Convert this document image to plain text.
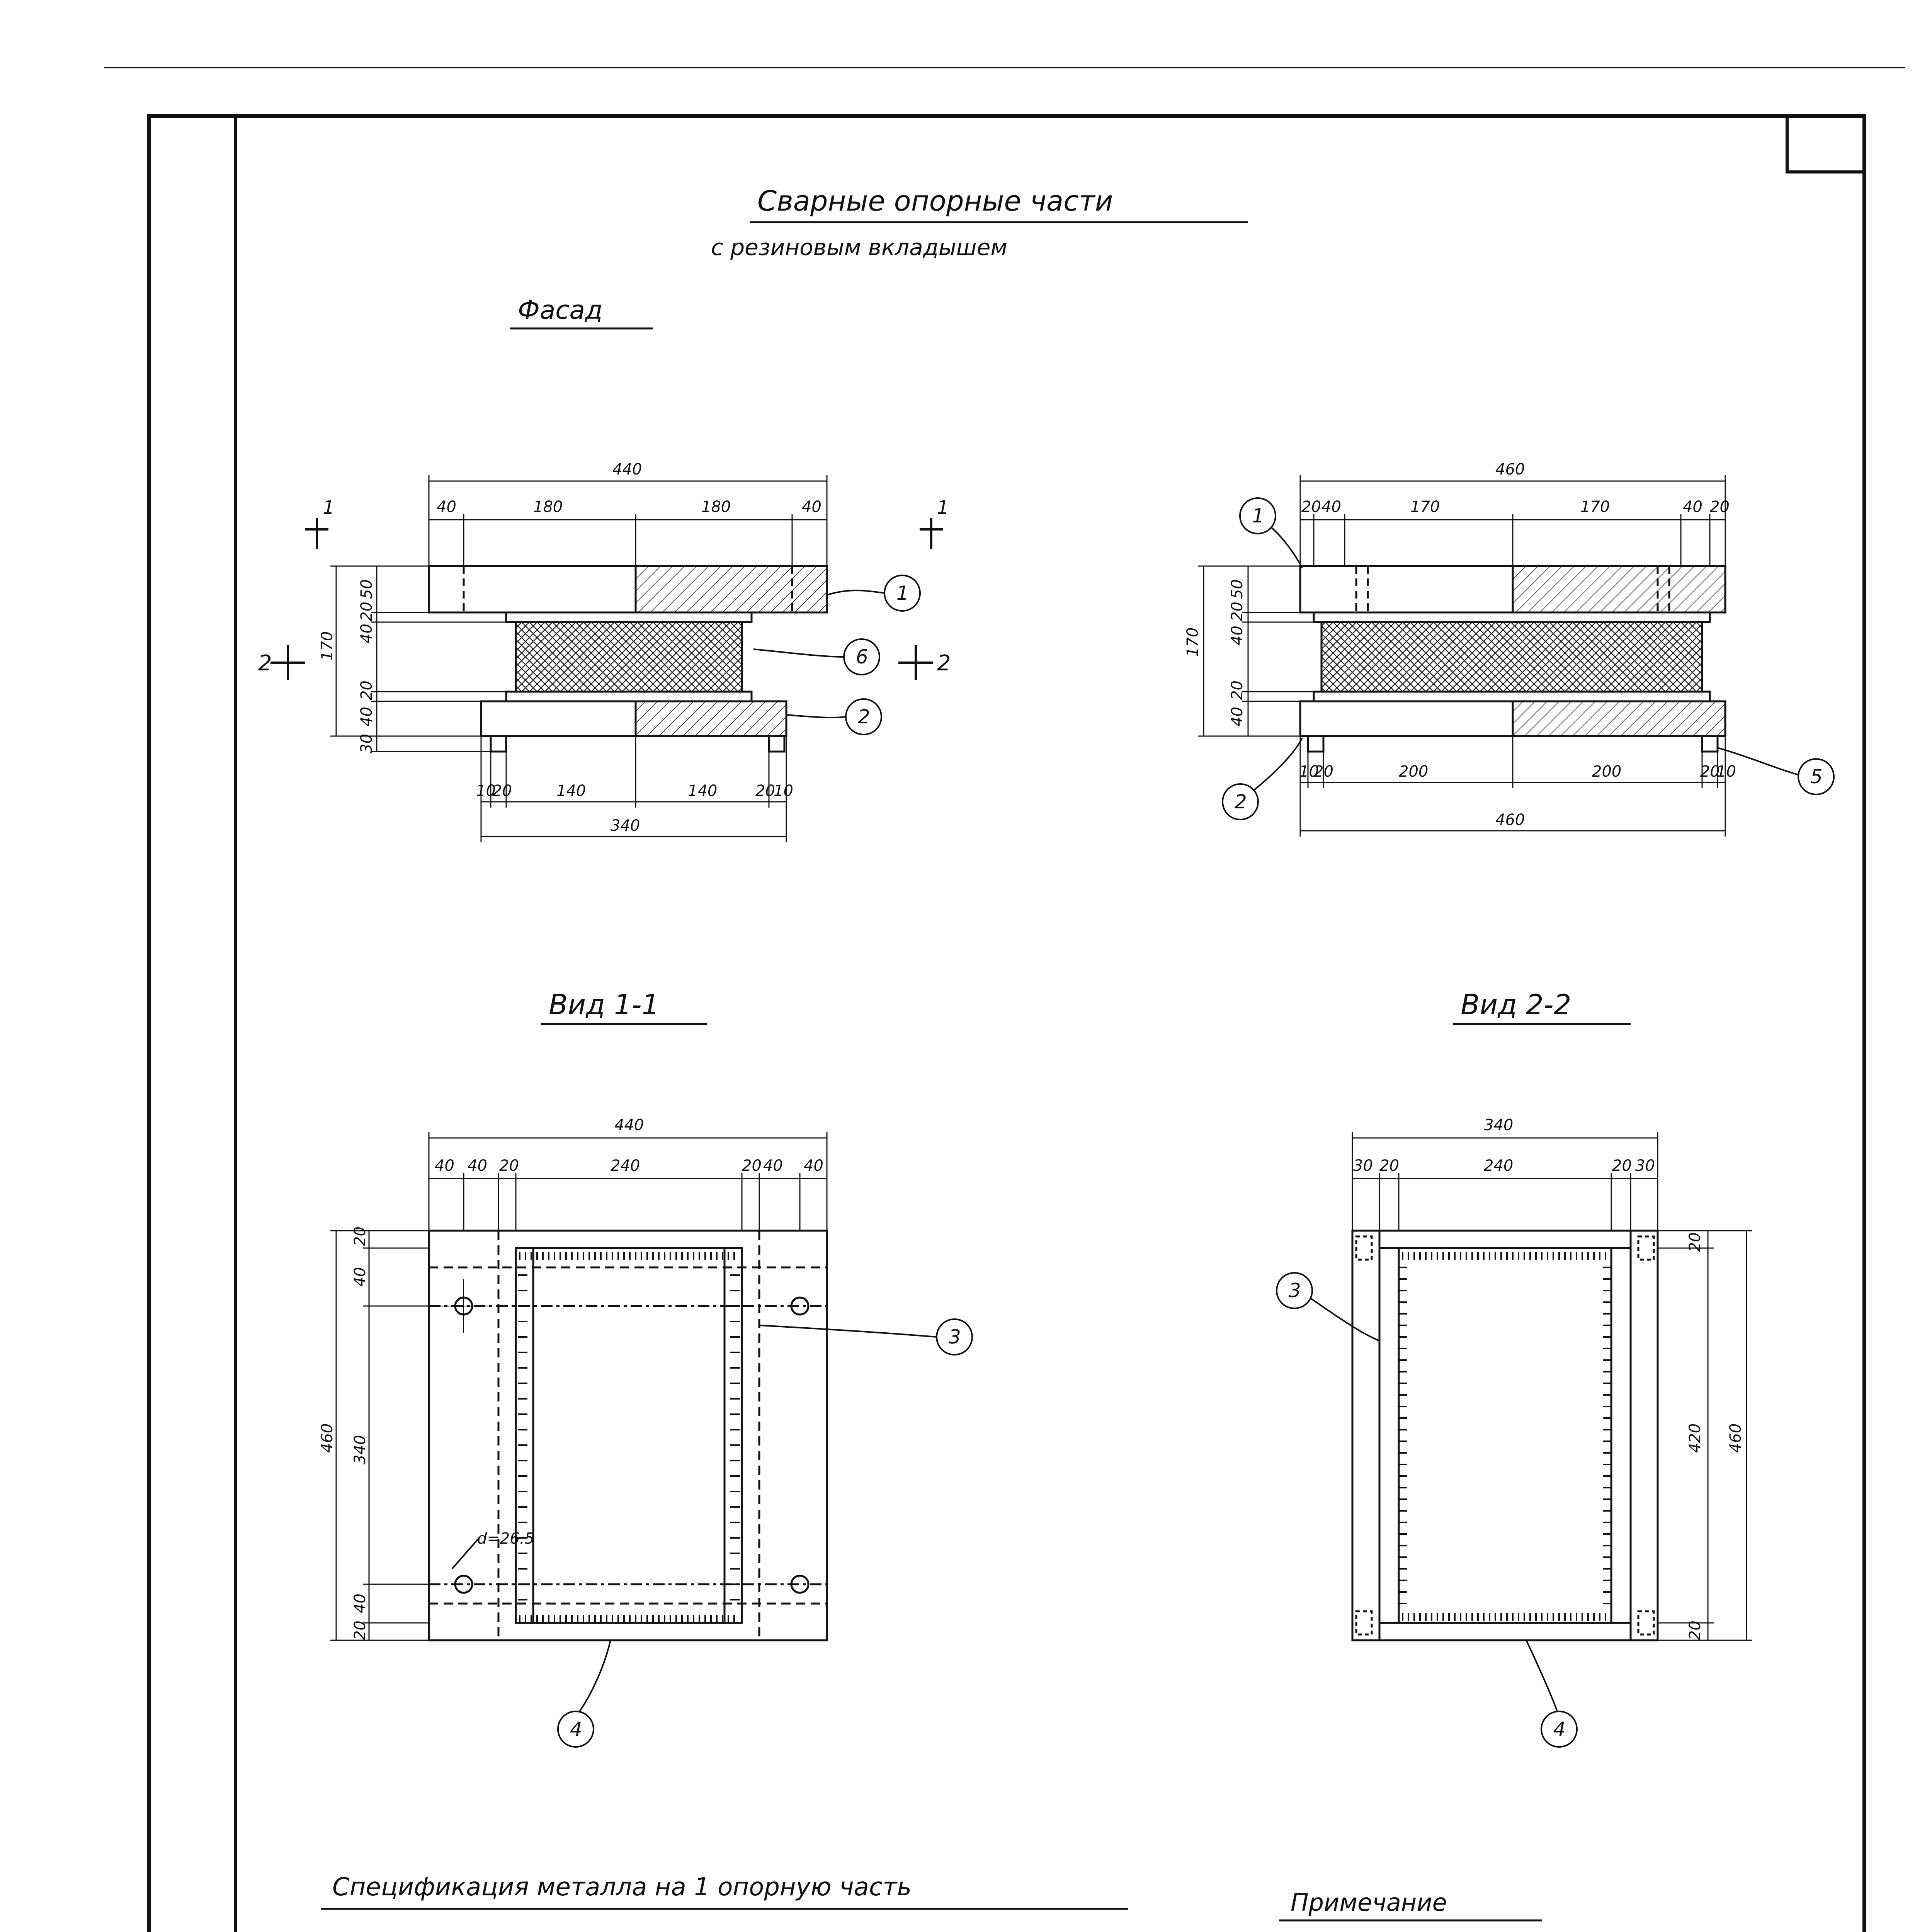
Сварные опорные части
с резиновым вкладышем
Фасад
440
40	180	180	40
10
20	140	140 20
10
340
170
50
20
40
20
40
30
1	1
2	2
1
6
2
460
20 40	170	170	40 20
10
20	200	200	20
10
460
170
50
20
40
20
40
1
2
5
Вид 1-1	Вид 2-2
440
40 40 20	240	20 40 40
20
40
340
40
20
460
d=26.5
3
4
340
30 20	240	20 30
20
420
20
460
3
4
Спецификация металла на 1 опорную часть
Примечание
